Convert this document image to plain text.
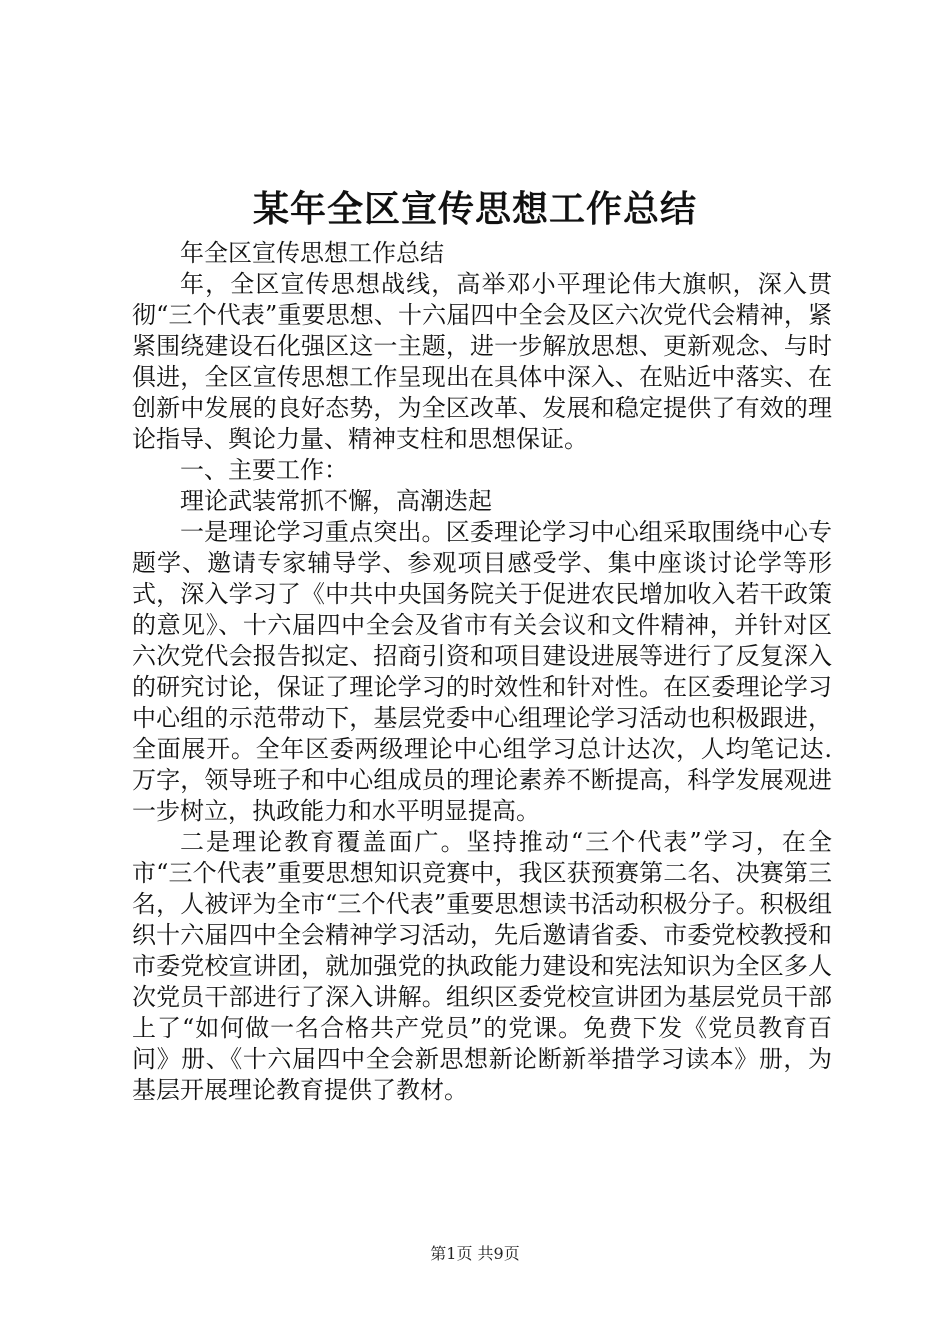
某年全区宣传思想工作总结

年全区宣传思想工作总结

年，全区宣传思想战线，高举邓小平理论伟大旗帜，深入贯彻“三个代表”重要思想、十六届四中全会及区六次党代会精神，紧紧围绕建设石化强区这一主题，进一步解放思想、更新观念、与时俱进，全区宣传思想工作呈现出在具体中深入、在贴近中落实、在创新中发展的良好态势，为全区改革、发展和稳定提供了有效的理论指导、舆论力量、精神支柱和思想保证。

一、主要工作：

理论武装常抓不懈，高潮迭起

一是理论学习重点突出。区委理论学习中心组采取围绕中心专题学、邀请专家辅导学、参观项目感受学、集中座谈讨论学等形式，深入学习了《中共中央国务院关于促进农民增加收入若干政策的意见》、十六届四中全会及省市有关会议和文件精神，并针对区六次党代会报告拟定、招商引资和项目建设进展等进行了反复深入的研究讨论，保证了理论学习的时效性和针对性。在区委理论学习中心组的示范带动下，基层党委中心组理论学习活动也积极跟进，全面展开。全年区委两级理论中心组学习总计达次，人均笔记达.万字，领导班子和中心组成员的理论素养不断提高，科学发展观进一步树立，执政能力和水平明显提高。

二是理论教育覆盖面广。坚持推动“三个代表”学习，在全市“三个代表”重要思想知识竞赛中，我区获预赛第二名、决赛第三名，人被评为全市“三个代表”重要思想读书活动积极分子。积极组织十六届四中全会精神学习活动，先后邀请省委、市委党校教授和市委党校宣讲团，就加强党的执政能力建设和宪法知识为全区多人次党员干部进行了深入讲解。组织区委党校宣讲团为基层党员干部上了“如何做一名合格共产党员”的党课。免费下发《党员教育百问》册、《十六届四中全会新思想新论断新举措学习读本》册，为基层开展理论教育提供了教材。

第1页 共9页
